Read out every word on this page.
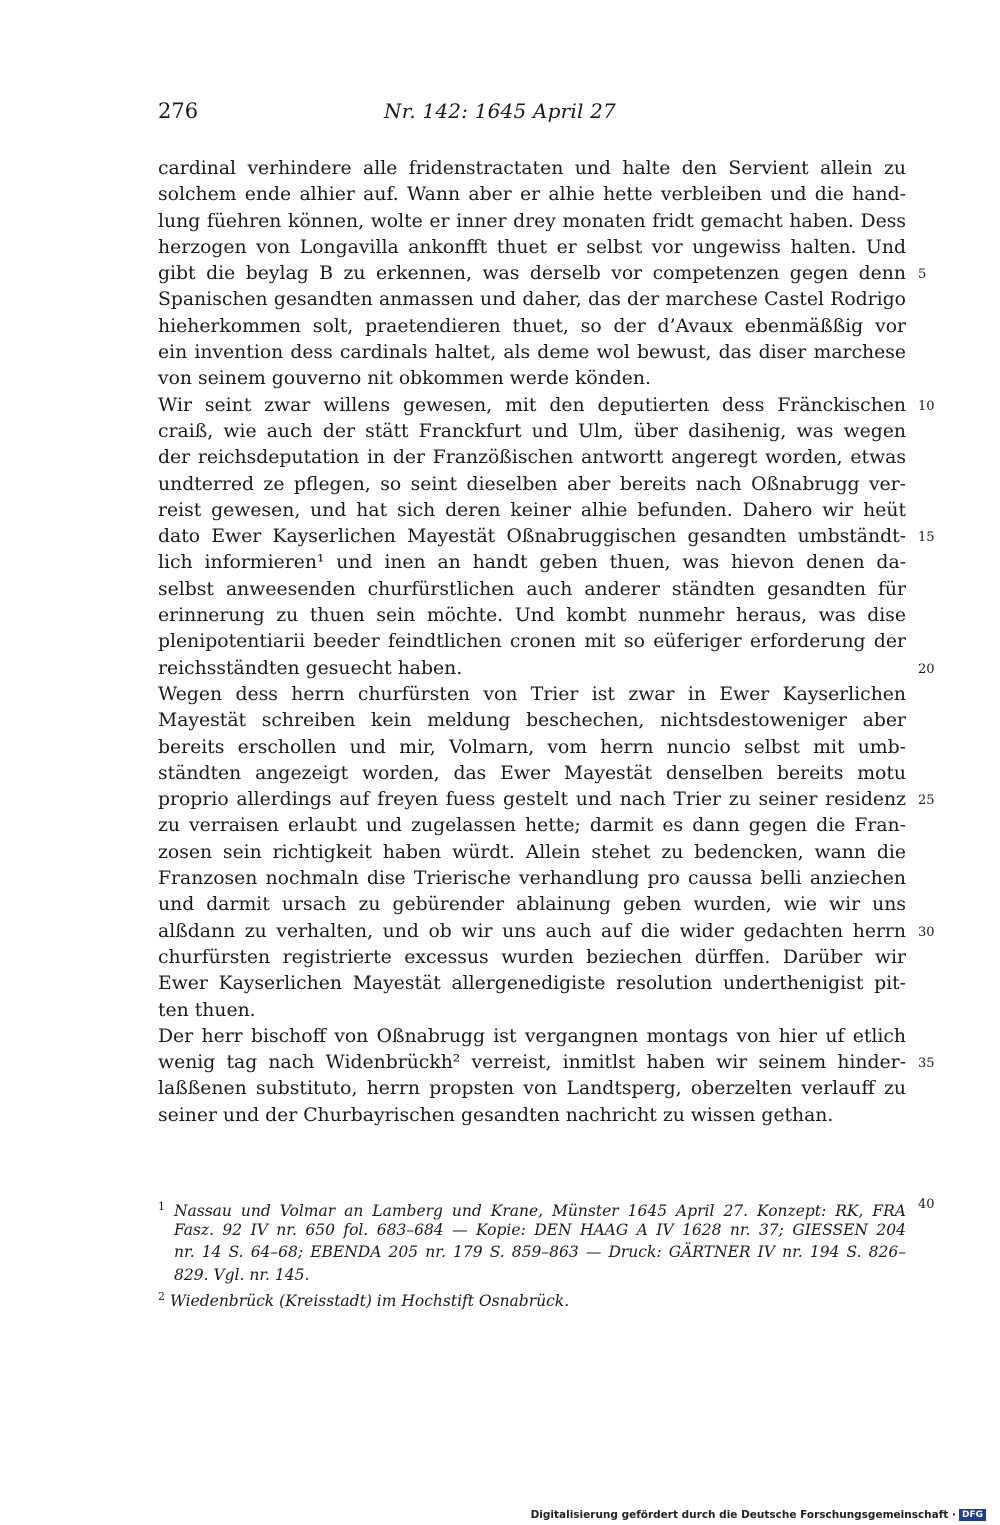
276	Nr. 142: 1645 April 27
cardinal verhindere alle fridenstractaten und halte den Servient allein zu
solchem ende alhier auf. Wann aber er alhie hette verbleiben und die hand-
lung füehren können, wolte er inner drey monaten fridt gemacht haben. Dess
herzogen von Longavilla ankonfft thuet er selbst vor ungewiss halten. Und
gibt die beylag B zu erkennen, was derselb vor competenzen gegen denn
Spanischen gesandten anmassen und daher, das der marchese Castel Rodrigo
hieherkommen solt, praetendieren thuet, so der d’Avaux ebenmäßßig vor
ein invention dess cardinals haltet, als deme wol bewust, das diser marchese
von seinem gouverno nit obkommen werde könden.
Wir seint zwar willens gewesen, mit den deputierten dess Fränckischen
craiß, wie auch der stätt Franckfurt und Ulm, über dasihenig, was wegen
der reichsdeputation in der Franzößischen antwortt angeregt worden, etwas
undterred ze pflegen, so seint dieselben aber bereits nach Oßnabrugg ver-
reist gewesen, und hat sich deren keiner alhie befunden. Dahero wir heüt
dato Ewer Kayserlichen Mayestät Oßnabruggischen gesandten umbständt-
lich informieren¹ und inen an handt geben thuen, was hievon denen da-
selbst anweesenden churfürstlichen auch anderer ständten gesandten für
erinnerung zu thuen sein möchte. Und kombt nunmehr heraus, was dise
plenipotentiarii beeder feindtlichen cronen mit so eüferiger erforderung der
reichsständten gesuecht haben.
Wegen dess herrn churfürsten von Trier ist zwar in Ewer Kayserlichen
Mayestät schreiben kein meldung beschechen, nichtsdestoweniger aber
bereits erschollen und mir, Volmarn, vom herrn nuncio selbst mit umb-
ständten angezeigt worden, das Ewer Mayestät denselben bereits motu
proprio allerdings auf freyen fuess gestelt und nach Trier zu seiner residenz
zu verraisen erlaubt und zugelassen hette; darmit es dann gegen die Fran-
zosen sein richtigkeit haben würdt. Allein stehet zu bedencken, wann die
Franzosen nochmaln dise Trierische verhandlung pro caussa belli anziechen
und darmit ursach zu gebürender ablainung geben wurden, wie wir uns
alßdann zu verhalten, und ob wir uns auch auf die wider gedachten herrn
churfürsten registrierte excessus wurden beziechen dürffen. Darüber wir
Ewer Kayserlichen Mayestät allergenedigiste resolution underthenigist pit-
ten thuen.
Der herr bischoff von Oßnabrugg ist vergangnen montags von hier uf etlich
wenig tag nach Widenbrückh² verreist, inmitlst haben wir seinem hinder-
laßßenen substituto, herrn propsten von Landtsperg, oberzelten verlauff zu
seiner und der Churbayrischen gesandten nachricht zu wissen gethan.
5
10
15
20
25
30
35
$^1$ Nassau und Volmar an Lamberg und Krane, Münster 1645 April 27. Konzept: RK, FRA
Fasz. 92 IV nr. 650 fol. 683–684 — Kopie: DEN HAAG A IV 1628 nr. 37; GIESSEN 204
nr. 14 S. 64–68; EBENDA 205 nr. 179 S. 859–863 — Druck: GÄRTNER IV nr. 194 S. 826–
829. Vgl. nr. 145.
$^2$ Wiedenbrück (Kreisstadt) im Hochstift Osnabrück.
40
Digitalisierung gefördert durch die Deutsche Forschungsgemeinschaft · DFG
